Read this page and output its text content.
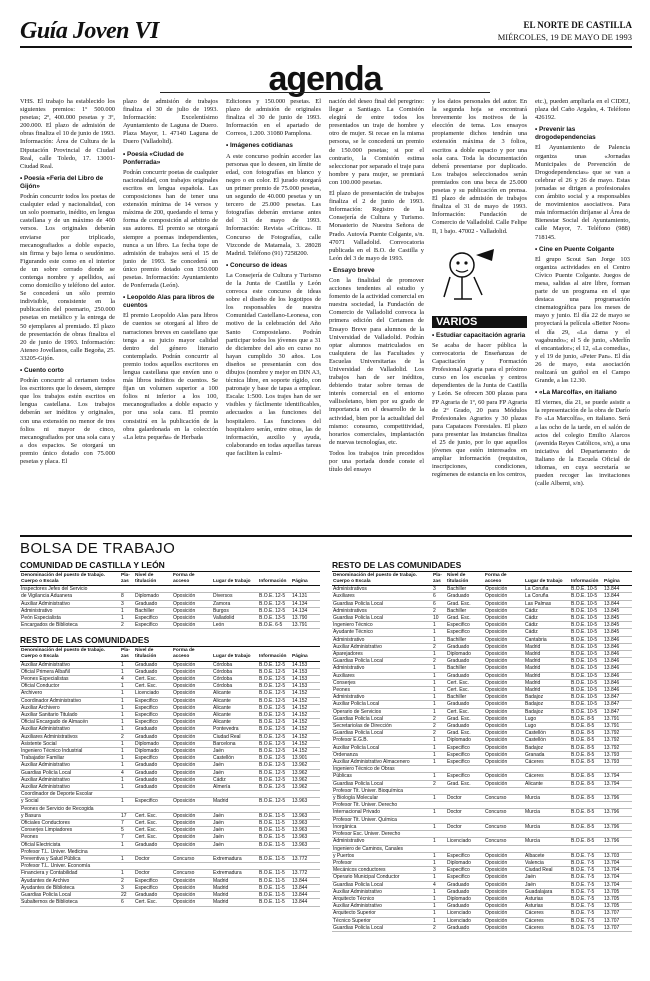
Guía Joven VI	EL NORTE DE CASTILLA
MIÉRCOLES, 19 DE MAYO DE 1993
agenda

VHS. El trabajo ha establecido los siguientes premios: 1º 500.000 pesetas; 2º, 400.000 pesetas y 3º, 200.000. El plazo de admisión de obras finaliza el 10 de junio de 1993. Información: Área de Cultura de la Diputación Provincial de Ciudad Real, calle Toledo, 17. 13001-Ciudad Real.

• Poesía «Feria del Libro de Gijón»

Podrán concurrir todos los poetas de cualquier edad y nacionalidad, con un solo poemario, inédito, en lengua castellana y de un máximo de 400 versos. Los originales deberán enviarse por triplicado, mecanografiados a doble espacio, sin firma y bajo lema o seudónimo. Figurando este como en el interior de un sobre cerrado donde se contenga nombre y apellidos, así como domicilio y teléfono del autor. Se concederá un sólo premio indivisible, consistente en la publicación del poemario, 250.000 pesetas en metálico y la entrega de 50 ejemplares al premiado. El plazo de presentación de obras finaliza el 20 de junio de 1993. Información: Ateneo Jovellanos, calle Begoña, 25. 33205-Gijón.

• Cuento corto

Podrán concurrir al certamen todos los escritores que lo deseen, siempre que los trabajos estén escritos en lengua castellana. Los trabajos deberán ser inéditos y originales, con una extensión no menor de tres folios ni mayor de cinco, mecanografiados por una sola cara y a dos espacios. Se otorgará un premio único dotado con 75.000 pesetas y placa. El

plazo de admisión de trabajos finaliza el 30 de julio de 1993. Información: Excelentísimo Ayuntamiento de Laguna de Duero. Plaza Mayor, 1. 47140 Laguna de Duero (Valladolid).

• Poesía «Ciudad de Ponferrada»

Podrán concurrir poetas de cualquier nacionalidad, con trabajos originales escritos en lengua española. Las composiciones han de tener una extensión mínima de 14 versos y máxima de 200, quedando el tema y forma de composición al arbitrio de sus autores. El premio se otorgará siempre a poemas independientes, nunca a un libro. La fecha tope de admisión de trabajos será el 15 de junio de 1993. Se concederá un único premio dotado con 150.000 pesetas. Información: Ayuntamiento de Ponferrada (León).

• Leopoldo Alas para libros de cuentos

El premio Leopoldo Alas para libros de cuentos se otorgará al libro de narraciones breves en castellano que tenga a su juicio mayor calidad dentro del género literario contemplado. Podrán concurrir al premio todos aquellos escritores en lengua castellana que envíen uno o más libros inéditos de cuentos. Se fijan un volumen superior a 100 folios ni inferior a los 100, mecanografiados a doble espacio y por una sola cara. El premio consistirá en la publicación de la obra galardonada en la colección «La letra pequeña» de Herbada

Ediciones y 150.000 pesetas. El plazo de admisión de originales finaliza el 30 de junio de 1993. Información en el apartado de Correos, 1.200. 31080 Pamplona.

• Imágenes cotidianas

A este concurso podrán acceder las personas que lo deseen, sin límite de edad, con fotografías en blanco y negro o en color. El jurado otorgará un primer premio de 75.000 pesetas, un segundo de 40.000 pesetas y un tercero de 25.000 pesetas. Las fotografías deberán enviarse antes del 31 de mayo de 1993. Información: Revista «Crítica». II Concurso de Fotografías, calle Vizconde de Matamala, 3. 28028 Madrid. Teléfono (91) 7258200.

• Concurso de ideas

La Consejería de Cultura y Turismo de la Junta de Castilla y León convoca este concurso de ideas sobre el diseño de los logotipos de los responsables de nuestra Comunidad Castellano-Leonesa, con motivo de la celebración del Año Santo Compostelano. Podrán participar todos los jóvenes que a 31 de diciembre del año en curso no hayan cumplido 30 años. Los diseños se presentarán con dos dibujos (nombre y mejor en DIN A3, técnica libre, en soporte rígido, con patronaje y base de tapas a emplear. Escala: 1:500. Los trajes han de ser visibles y fácilmente identificables, adecuados a las funciones del hospitalero. Las funciones del hospitalero serán, entre otras, las de información, auxilio y ayuda, colaborando en todas aquellas tareas que faciliten la culmi-

nación del deseo final del peregrino: llegar a Santiago. La Comisión elegirá de entre todos los presentados un traje de hombre y otro de mujer. Si recae en la misma persona, se le concederá un premio de 150.000 pesetas; si por el contrario, la Comisión estima seleccionar por separado el traje para hombre y para mujer, se premiará con 100.000 pesetas.

El plazo de presentación de trabajos finaliza el 2 de junio de 1993. Información: Registro de la Consejería de Cultura y Turismo. Monasterio de Nuestra Señora de Prado. Autovía Puente Colgante, s/n. 47071 Valladolid. Convocatoria publicada en el B.O. de Castilla y León del 3 de mayo de 1993.

• Ensayo breve

Con la finalidad de promover acciones tendentes al estudio y fomento de la actividad comercial en nuestra sociedad, la Fundación de Comercio de Valladolid convoca la primera edición del Certamen de Ensayo Breve para alumnos de la Universidad de Valladolid. Podrán optar alumnos matriculados en cualquiera de las Facultades y Escuelas Universitarias de la Universidad de Valladolid. Los trabajos han de ser inéditos, debiendo tratar sobre temas de interés comercial en el entorno vallisoletano, bien por su grado de importancia en el desarrollo de la actividad, bien por la actualidad del mismo: consumo, competitividad, horarios comerciales, implantación de nuevas tecnologías, etc.

Todos los trabajos irán precedidos por una portada donde conste el título del ensayo

y los datos personales del autor. En la segunda hoja se encontrará brevemente los motivos de la elección de tema. Los ensayos propiamente dichos tendrán una extensión máxima de 3 folios, escritos a doble espacio y por una sola cara. Toda la documentación deberá presentarse por duplicado. Los trabajos seleccionados serán premiados con una beca de 25.000 pesetas y su publicación en prensa. El plazo de admisión de trabajos finaliza el 31 de mayo de 1993. Información: Fundación de Comercio de Valladolid. Calle Felipe II, 1 bajo. 47002 - Valladolid.

VARIOS

• Estudiar capacitación agraria

Se acaba de hacer pública la convocatoria de Enseñanzas de Capacitación y Formación Profesional Agraria para el próximo curso en los escuelas y centros dependientes de la Junta de Castilla y León. Se ofrecen 300 plazas para FP Agraria de 1º, 60 para FP Agraria de 2º Grado, 20 para Módulos Profesionales Agrarios y 30 plazas para Capataces Forestales. El plazo para presentar las instancias finaliza el 25 de junio, por lo que aquellos jóvenes que estén interesados en ampliar información (requisitos, inscripciones, condiciones, regímenes de estancia en los centros,

etc.), pueden ampliarla en el CIDEJ, plaza del Caño Argales, 4. Teléfono 426192.

• Prevenir las drogodependencias

El Ayuntamiento de Palencia organiza unas «Jornadas Municipales de Prevención de Drogodependencias» que se van a celebrar el 26 y 26 de mayo. Estas jornadas se dirigen a profesionales con ámbito social y a responsables de movimientos asociativos. Para más información diríjanse al Área de Bienestar Social del Ayuntamiento, calle Mayor, 7. Teléfono (988) 718145.

• Cine en Puente Colgante

El grupo Scout San Jorge 103 organiza actividades en el Centro Cívico Puente Colgante. Juegos de mesa, salidas al aire libre, forman parte de un programa en el que destaca una programación cinematográfica para los meses de mayo y junio. El día 22 de mayo se proyectará la película «Better Noon» el día 29, «La dama y el vagabundo»; el 5 de junio, «Merlín el encantador»; el 12, «La comedia», y el 19 de junio, «Peter Pan». El día 26 de mayo, esta asociación realizará un guiñol en el Campo Grande, a las 12.30.

• «La Marcolfa», en italiano

El viernes, día 21, se puede asistir a la representación de la obra de Darío Fo «La Marcolfa», en italiano. Será a las ocho de la tarde, en el salón de actos del colegio Emilio Alarcos (avenida Reyes Católicos, s/n), a una iniciativa del Departamento de Italiano de la Escuela Oficial de idiomas, en cuya secretaría se pueden recoger las invitaciones (calle Alberni, s/n).

BOLSA DE TRABAJO
COMUNIDAD DE CASTILLA Y LEÓN
Denominación del puesto de trabajo. Cuerpo o Escala	Pla-zas	Nivel de titulación	Forma de acceso	Lugar de trabajo	Información	Página
Inspectores Jefes del Servicio						
de Vigilancia Aduanera	8	Diplomado	Oposición	Diversos	B.O.E. 12-5	14.131
Auxiliar Administrativo	3	Graduado	Oposición	Zamora	B.O.E. 12-5	14.134
Administrativo	1	Bachiller	Oposición	Burgos	B.O.E. 12-5	14.134
Peón Especialista	1	Especifico	Oposición	Valladolid	B.O.E. 13-5	13.790
Encargados de Biblioteca	2	Especifico	Oposición	León	B.O.E. 6-5	13.791
RESTO DE LAS COMUNIDADES
Denominación del puesto de trabajo. Cuerpo o Escala	Pla-zas	Nivel de titulación	Forma de acceso	Lugar de trabajo	Información	Página
Auxiliar Administrativo	1	Graduado	Oposición	Córdoba	B.O.E. 12-5	14.153
Oficial Primera Albañil	1	Graduado	Oposición	Córdoba	B.O.E. 12-5	14.153
Peones Especialistas	4	Cert. Esc.	Oposición	Córdoba	B.O.E. 12-5	14.153
Oficial Conductor	1	Cert. Esc.	Oposición	Córdoba	B.O.E. 12-5	14.153
Archivero	1	Licenciado	Oposición	Alicante	B.O.E. 12-5	14.152
Coordinador Administrativo	1	Especifico	Oposición	Alicante	B.O.E. 12-5	14.152
Auxiliar Archivero	1	Especifico	Oposición	Alicante	B.O.E. 12-5	14.152
Auxiliar Sanitario Titulado	1	Especifico	Oposición	Alicante	B.O.E. 12-5	14.152
Oficial Encargado de Almacén	1	Especifico	Oposición	Alicante	B.O.E. 12-5	14.152
Auxiliar Administrativo	1	Graduado	Oposición	Pontevedra	B.O.E. 12-5	14.152
Auxiliares Administrativos	2	Graduado	Oposición	Ciudad Real	B.O.E. 12-5	14.152
Asistente Social	1	Diplomado	Oposición	Barcelona	B.O.E. 12-5	14.152
Ingeniero Técnico Industrial	1	Diplomado	Oposición	Jaén	B.O.E. 12-5	14.152
Trabajador Familiar	1	Especifico	Oposición	Castellón	B.O.E. 12-5	13.901
Auxiliar Administrativo	1	Graduado	Oposición	Jaén	B.O.E. 12-5	13.962
Guardias Policía Local	4	Graduado	Oposición	Jaén	B.O.E. 12-5	13.962
Auxiliar Administrativo	1	Graduado	Oposición	Cádiz	B.O.E. 12-5	13.962
Auxiliar Administrativo	1	Graduado	Oposición	Almería	B.O.E. 12-5	13.962
Coordinador de Deporte Escolar						
y Social	1	Especifico	Oposición	Madrid	B.O.E. 12-5	13.963
Peones de Servicio de Recogida						
y Basura	17	Cert. Esc.	Oposición	Jaén	B.O.E. 11-5	13.963
Oficiales Conductores	7	Cert. Esc.	Oposición	Jaén	B.O.E. 11-5	13.963
Conserjes Limpiadores	5	Cert. Esc.	Oposición	Jaén	B.O.E. 11-5	13.963
Peones	7	Cert. Esc.	Oposición	Jaén	B.O.E. 11-5	13.963
Oficial Electricista	1	Graduado	Oposición	Jaén	B.O.E. 11-5	13.963
Profesor T.L. Univer. Medicina						
Preventiva y Salud Pública	1	Doctor	Concurso	Extremadura	B.O.E. 11-5	13.772
Profesor T.L. Univer. Economía						
Financiera y Contabilidad	1	Doctor	Concurso	Extremadura	B.O.E. 11-5	13.772
Ayudantes de Archivo	2	Especifico	Oposición	Madrid	B.O.E. 11-5	13.844
Ayudantes de Biblioteca	3	Especifico	Oposición	Madrid	B.O.E. 11-5	13.844
Guardias Policía Local	22	Graduado	Oposición	Madrid	B.O.E. 11-5	13.844
Subalternos de Biblioteca	6	Cert. Esc.	Oposición	Madrid	B.O.E. 11-5	13.844
RESTO DE LAS COMUNIDADES
Denominación del puesto de trabajo. Cuerpo o Escala	Pla-zas	Nivel de titulación	Forma de acceso	Lugar de trabajo	Información	Página
Administrativos	3	Bachiller	Oposición	La Coruña	B.O.E. 10-5	13.844
Auxiliares	6	Graduado	Oposición	La Coruña	B.O.E. 10-5	13.844
Guardias Policía Local	6	Grad. Esc.	Oposición	Las Palmas	B.O.E. 10-5	13.844
Administrativos	2	Bachiller	Oposición	Cádiz	B.O.E. 10-5	13.845
Guardias Policía Local	10	Grad. Esc.	Oposición	Cádiz	B.O.E. 10-5	13.845
Ingeniero Técnico	1	Especifico	Oposición	Cádiz	B.O.E. 10-5	13.845
Ayudante Técnico	1	Especifico	Oposición	Cádiz	B.O.E. 10-5	13.845
Administrativo	1	Bachiller	Oposición	Cantabria	B.O.E. 10-5	13.846
Auxiliar Administrativo	2	Graduado	Oposición	Madrid	B.O.E. 10-5	13.846
Aparejadores	1	Diplomado	Oposición	Madrid	B.O.E. 10-5	13.846
Guardias Policía Local	2	Graduado	Oposición	Madrid	B.O.E. 10-5	13.846
Administrativo	1	Bachiller	Oposición	Madrid	B.O.E. 10-5	13.846
Auxiliares	1	Graduado	Oposición	Madrid	B.O.E. 10-5	13.846
Conserjes	1	Cert. Esc.	Oposición	Madrid	B.O.E. 10-5	13.846
Peones	1	Cert. Esc.	Oposición	Madrid	B.O.E. 10-5	13.846
Administrativo	1	Bachiller	Oposición	Badajoz	B.O.E. 10-5	13.847
Auxiliar Policía Local	1	Graduado	Oposición	Badajoz	B.O.E. 10-5	13.847
Operario de Servicios	1	Cert. Esc.	Oposición	Badajoz	B.O.E. 10-5	13.847
Guardias Policía Local	2	Grad. Esc.	Oposición	Lugo	B.O.E. 8-5	13.791
Secretario/as de Dirección	2	Graduado	Oposición	Lugo	B.O.E. 8-5	13.791
Guardias Policía Local	2	Grad. Esc.	Oposición	Castellón	B.O.E. 8-5	13.792
Profesor E.G.B.	1	Diplomado	Oposición	Castellón	B.O.E. 8-5	13.792
Auxiliar Policía Local	1	Especifico	Oposición	Badajoz	B.O.E. 8-5	13.792
Ordenanza	1	Especifico	Oposición	Granada	B.O.E. 8-5	13.793
Auxiliar Administrativo Almacenero	1	Especifico	Oposición	Cáceres	B.O.E. 8-5	13.793
Ingeniero Técnico de Obras						
Públicas	1	Especifico	Oposición	Cáceres	B.O.E. 8-5	13.794
Guardias Policía Local	2	Grad. Esc.	Oposición	Alicante	B.O.E. 8-5	13.794
Profesor Tit. Univer. Bioquímica						
y Biología Molecular	1	Doctor	Concurso	Murcia	B.O.E. 8-5	13.796
Profesor Tit. Univer. Derecho						
Internacional Privado	1	Doctor	Concurso	Murcia	B.O.E. 8-5	13.796
Profesor Tit. Univer. Química						
Inorgánica	1	Doctor	Concurso	Murcia	B.O.E. 8-5	13.796
Profesor Esc. Univer. Derecho						
Administrativo	1	Licenciado	Concurso	Murcia	B.O.E. 8-5	13.796
Ingeniero de Caminos, Canales						
y Puertos	1	Especifico	Oposición	Albacete	B.O.E. 7-5	13.703
Profesor	1	Diplomado	Oposición	Valencia	B.O.E. 7-5	13.704
Mecánicos conductores	3	Especifico	Oposición	Ciudad Real	B.O.E. 7-5	13.704
Operario Municipal Conductor	1	Especifico	Oposición	Jaén	B.O.E. 7-5	13.704
Guardias Policía Local	4	Graduado	Oposición	Jaén	B.O.E. 7-5	13.704
Auxiliar Administrativo	1	Graduado	Oposición	Guadalajara	B.O.E. 7-5	13.705
Arquitecto Técnico	1	Diplomado	Oposición	Asturias	B.O.E. 7-5	13.705
Auxiliar Administrativo	1	Graduado	Oposición	Asturias	B.O.E. 7-5	13.705
Arquitecto Superior	1	Licenciado	Oposición	Cáceres	B.O.E. 7-5	13.707
Técnico Superior	1	Licenciado	Oposición	Cáceres	B.O.E. 7-5	13.707
Guardias Policía Local	2	Graduado	Oposición	Cáceres	B.O.E. 7-5	13.707
